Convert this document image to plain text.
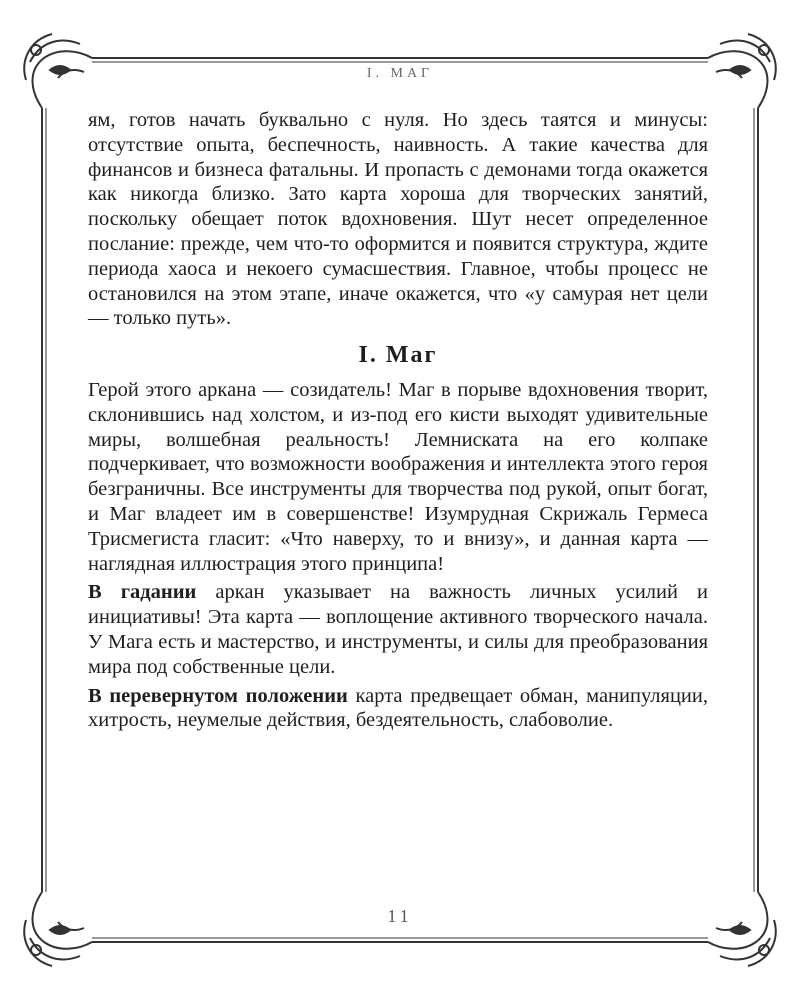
I. МАГ

ям, готов начать буквально с нуля. Но здесь таятся и минусы: отсутствие опыта, беспечность, наивность. А такие качества для финансов и бизнеса фатальны. И пропасть с демонами тогда окажется как никогда близко. Зато карта хороша для творческих занятий, поскольку обещает поток вдохновения. Шут несет определенное послание: прежде, чем что-то оформится и появится структура, ждите периода хаоса и некоего сумасшествия. Главное, чтобы процесс не остановился на этом этапе, иначе окажется, что «у самурая нет цели — только путь».

I. Маг

Герой этого аркана — созидатель! Маг в порыве вдохновения творит, склонившись над холстом, и из-под его кисти выходят удивительные миры, волшебная реальность! Лемниската на его колпаке подчеркивает, что возможности воображения и интеллекта этого героя безграничны. Все инструменты для творчества под рукой, опыт богат, и Маг владеет им в совершенстве! Изумрудная Скрижаль Гермеса Трисмегиста гласит: «Что наверху, то и внизу», и данная карта — наглядная иллюстрация этого принципа!

В гадании аркан указывает на важность личных усилий и инициативы! Эта карта — воплощение активного творческого начала. У Мага есть и мастерство, и инструменты, и силы для преобразования мира под собственные цели.

В перевернутом положении карта предвещает обман, манипуляции, хитрость, неумелые действия, бездеятельность, слабоволие.

11
